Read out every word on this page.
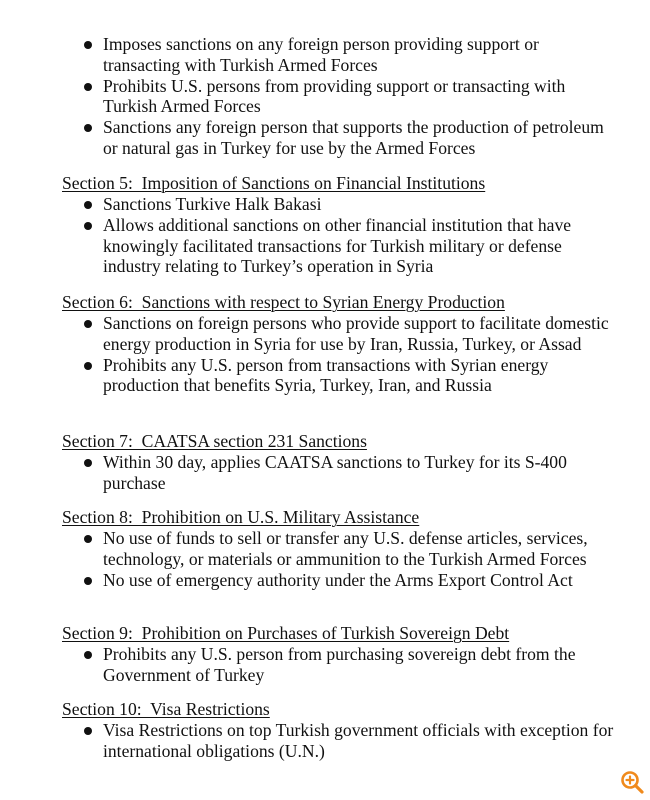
Imposes sanctions on any foreign person providing support or transacting with Turkish Armed Forces
Prohibits U.S. persons from providing support or transacting with Turkish Armed Forces
Sanctions any foreign person that supports the production of petroleum or natural gas in Turkey for use by the Armed Forces
Section 5:  Imposition of Sanctions on Financial Institutions
Sanctions Turkive Halk Bakasi
Allows additional sanctions on other financial institution that have knowingly facilitated transactions for Turkish military or defense industry relating to Turkey’s operation in Syria
Section 6:  Sanctions with respect to Syrian Energy Production
Sanctions on foreign persons who provide support to facilitate domestic energy production in Syria for use by Iran, Russia, Turkey, or Assad
Prohibits any U.S. person from transactions with Syrian energy production that benefits Syria, Turkey, Iran, and Russia
Section 7:  CAATSA section 231 Sanctions
Within 30 day, applies CAATSA sanctions to Turkey for its S-400 purchase
Section 8:  Prohibition on U.S. Military Assistance
No use of funds to sell or transfer any U.S. defense articles, services, technology, or materials or ammunition to the Turkish Armed Forces
No use of emergency authority under the Arms Export Control Act
Section 9:  Prohibition on Purchases of Turkish Sovereign Debt
Prohibits any U.S. person from purchasing sovereign debt from the Government of Turkey
Section 10:  Visa Restrictions
Visa Restrictions on top Turkish government officials with exception for international obligations (U.N.)
